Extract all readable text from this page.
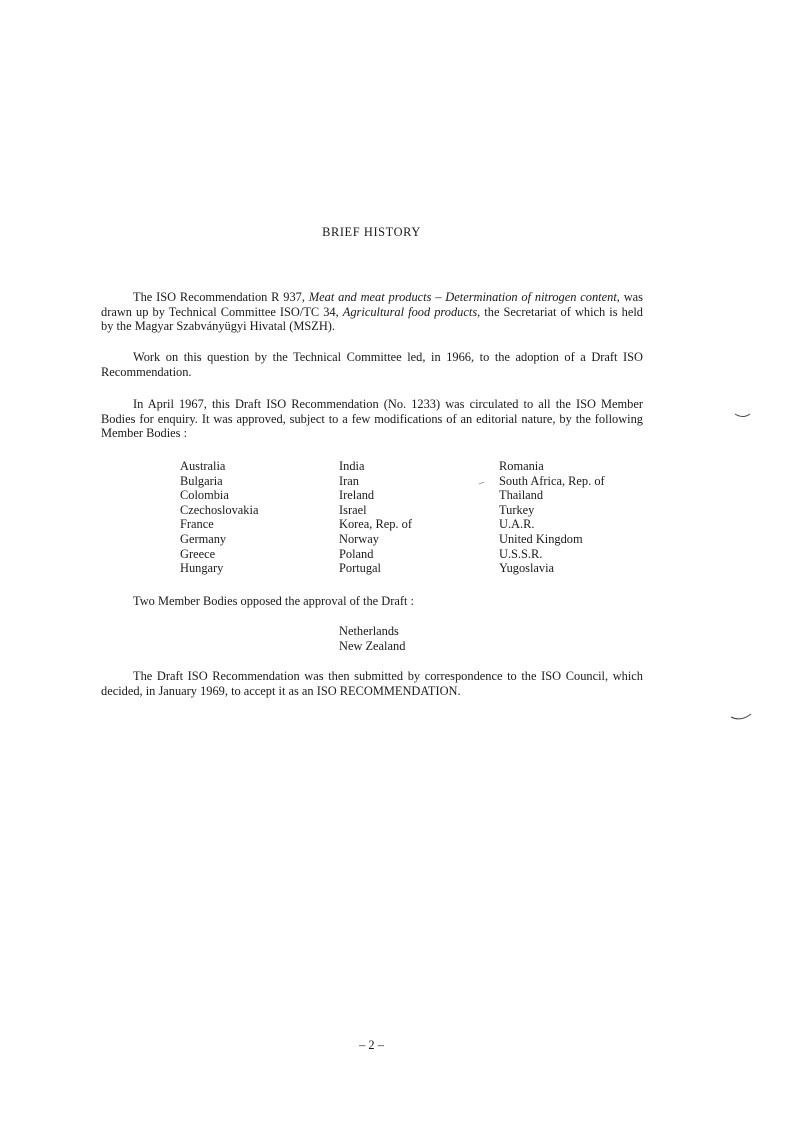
BRIEF HISTORY

The ISO Recommendation R 937, Meat and meat products – Determination of nitrogen content, was drawn up by Technical Committee ISO/TC 34, Agricultural food products, the Secretariat of which is held by the Magyar Szabványügyi Hivatal (MSZH).

Work on this question by the Technical Committee led, in 1966, to the adoption of a Draft ISO Recommendation.

In April 1967, this Draft ISO Recommendation (No. 1233) was circulated to all the ISO Member Bodies for enquiry. It was approved, subject to a few modifications of an editorial nature, by the following Member Bodies :

Australia
Bulgaria
Colombia
Czechoslovakia
France
Germany
Greece
Hungary
India
Iran
Ireland
Israel
Korea, Rep. of
Norway
Poland
Portugal
Romania
South Africa, Rep. of
Thailand
Turkey
U.A.R.
United Kingdom
U.S.S.R.
Yugoslavia

Two Member Bodies opposed the approval of the Draft :

Netherlands
New Zealand

The Draft ISO Recommendation was then submitted by correspondence to the ISO Council, which decided, in January 1969, to accept it as an ISO RECOMMENDATION.

– 2 –
